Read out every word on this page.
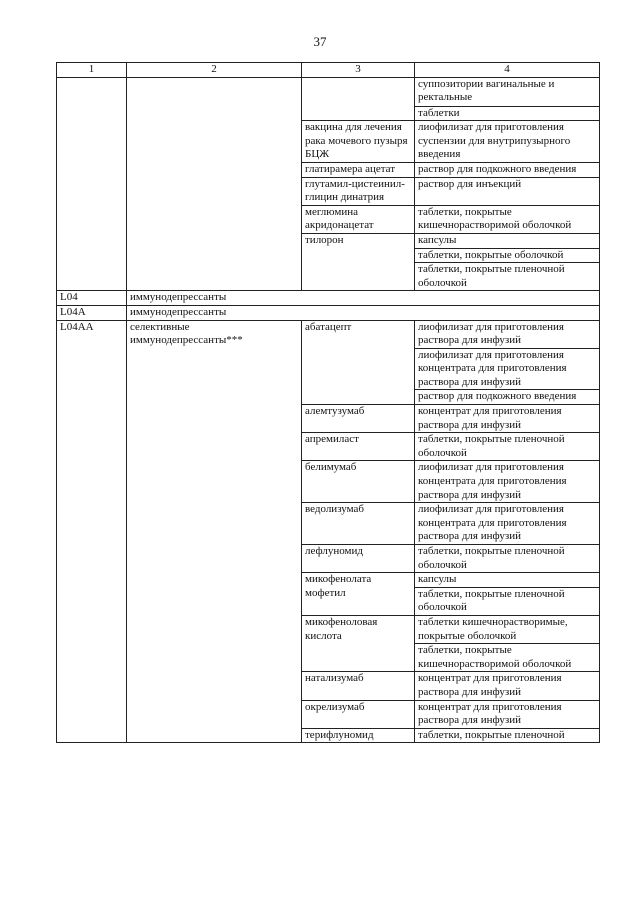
37
1	2	3	4
			суппозитории вагинальные и ректальные
			таблетки
		вакцина для лечения рака мочевого пузыря БЦЖ	лиофилизат для приготовления суспензии для внутрипузырного введения
		глатирамера ацетат	раствор для подкожного введения
		глутамил-цистеинил-глицин динатрия	раствор для инъекций
		меглюмина акридонацетат	таблетки, покрытые кишечнорастворимой оболочкой
		тилорон	капсулы
			таблетки, покрытые оболочкой
			таблетки, покрытые пленочной оболочкой
L04	иммунодепрессанты		
L04A	иммунодепрессанты		
L04AA	селективные иммунодепрессанты***	абатацепт	лиофилизат для приготовления раствора для инфузий
			лиофилизат для приготовления концентрата для приготовления раствора для инфузий
			раствор для подкожного введения
		алемтузумаб	концентрат для приготовления раствора для инфузий
		апремиласт	таблетки, покрытые пленочной оболочкой
		белимумаб	лиофилизат для приготовления концентрата для приготовления раствора для инфузий
		ведолизумаб	лиофилизат для приготовления концентрата для приготовления раствора для инфузий
		лефлуномид	таблетки, покрытые пленочной оболочкой
		микофенолата мофетил	капсулы
			таблетки, покрытые пленочной оболочкой
		микофеноловая кислота	таблетки кишечнорастворимые, покрытые оболочкой
			таблетки, покрытые кишечнорастворимой оболочкой
		натализумаб	концентрат для приготовления раствора для инфузий
		окрелизумаб	концентрат для приготовления раствора для инфузий
		терифлуномид	таблетки, покрытые пленочной
